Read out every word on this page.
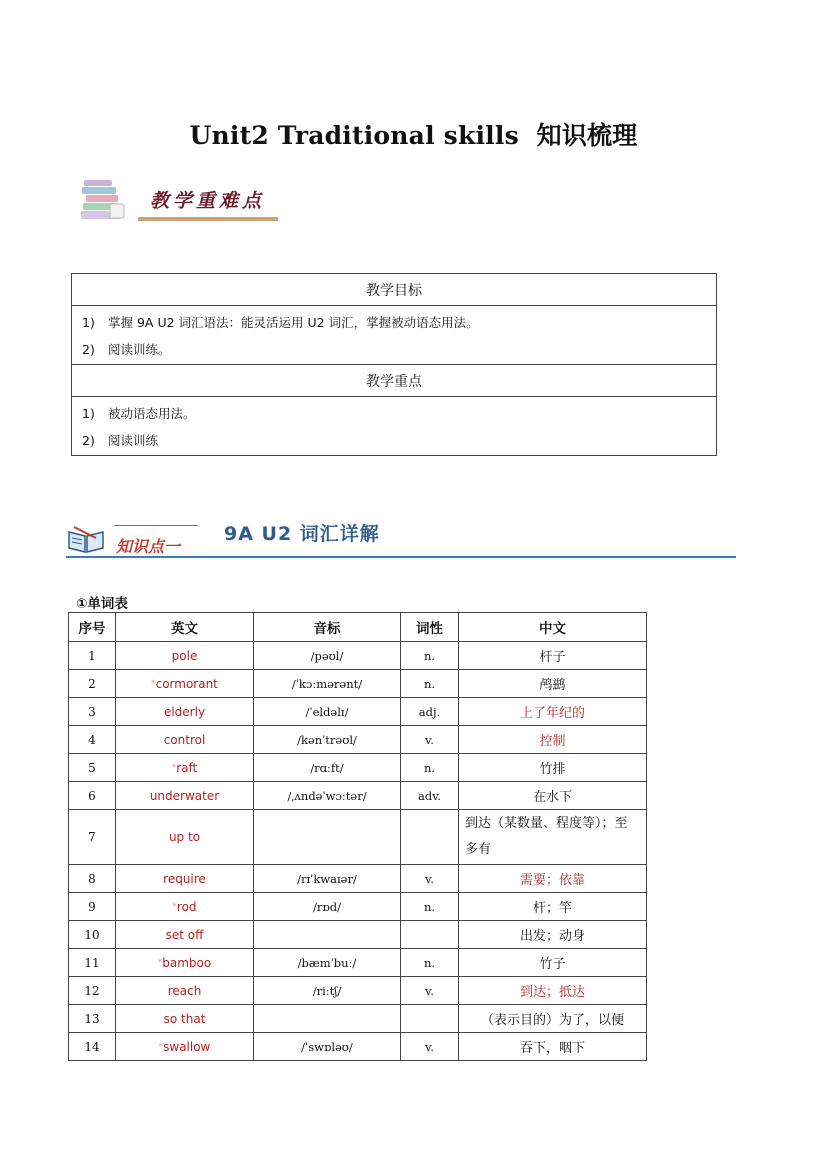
Unit2 Traditional skills 知识梳理
教学重难点
教学目标

1) 掌握 9A U2 词汇语法：能灵活运用 U2 词汇，掌握被动语态用法。
2) 阅读训练。

教学重点

1) 被动语态用法。
2) 阅读训练
知识点一
9A U2 词汇详解
①单词表
序号	英文	音标	词性	中文
1	pole	/pəʊl/	n.	杆子
2	*cormorant	/ˈkɔːmərənt/	n.	鸬鹚
3	elderly	/ˈeldəlɪ/	adj.	上了年纪的
4	control	/kənˈtrəʊl/	v.	控制
5	*raft	/rɑːft/	n.	竹排
6	underwater	/ˌʌndəˈwɔːtər/	adv.	在水下
7	up to			到达（某数量、程度等）；至多有
8	require	/rɪˈkwaɪər/	v.	需要；依靠
9	*rod	/rɒd/	n.	杆；竿
10	set off			出发；动身
11	*bamboo	/bæmˈbuː/	n.	竹子
12	reach	/riːtʃ/	v.	到达；抵达
13	so that			（表示目的）为了，以便
14	*swallow	/ˈswɒləʊ/	v.	吞下，咽下
